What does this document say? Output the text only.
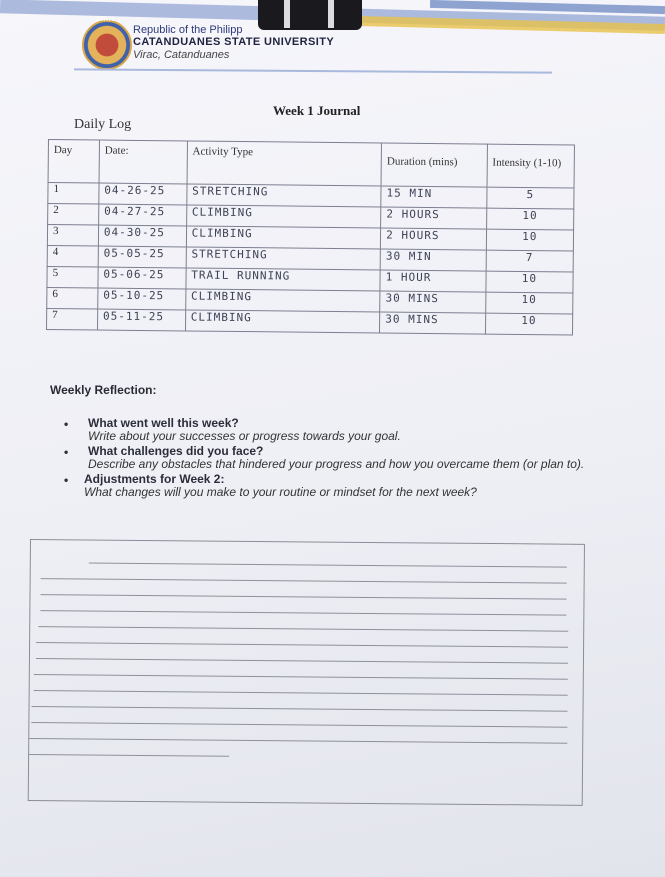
STATE
Republic of the Philipp
CATANDUANES STATE UNIVERSITY
Virac, Catanduanes
Week 1 Journal
Daily Log
Day	Date:	Activity Type	Duration (mins)	Intensity (1-10)
1	04-26-25	STRETCHING	15 MIN	5
2	04-27-25	CLIMBING	2 HOURS	10
3	04-30-25	CLIMBING	2 HOURS	10
4	05-05-25	STRETCHING	30 MIN	7
5	05-06-25	TRAIL RUNNING	1 HOUR	10
6	05-10-25	CLIMBING	30 MINS	10
7	05-11-25	CLIMBING	30 MINS	10
Weekly Reflection:
• What went well this week?
Write about your successes or progress towards your goal.
• What challenges did you face?
Describe any obstacles that hindered your progress and how you overcame them (or plan to).
• Adjustments for Week 2:
What changes will you make to your routine or mindset for the next week?
